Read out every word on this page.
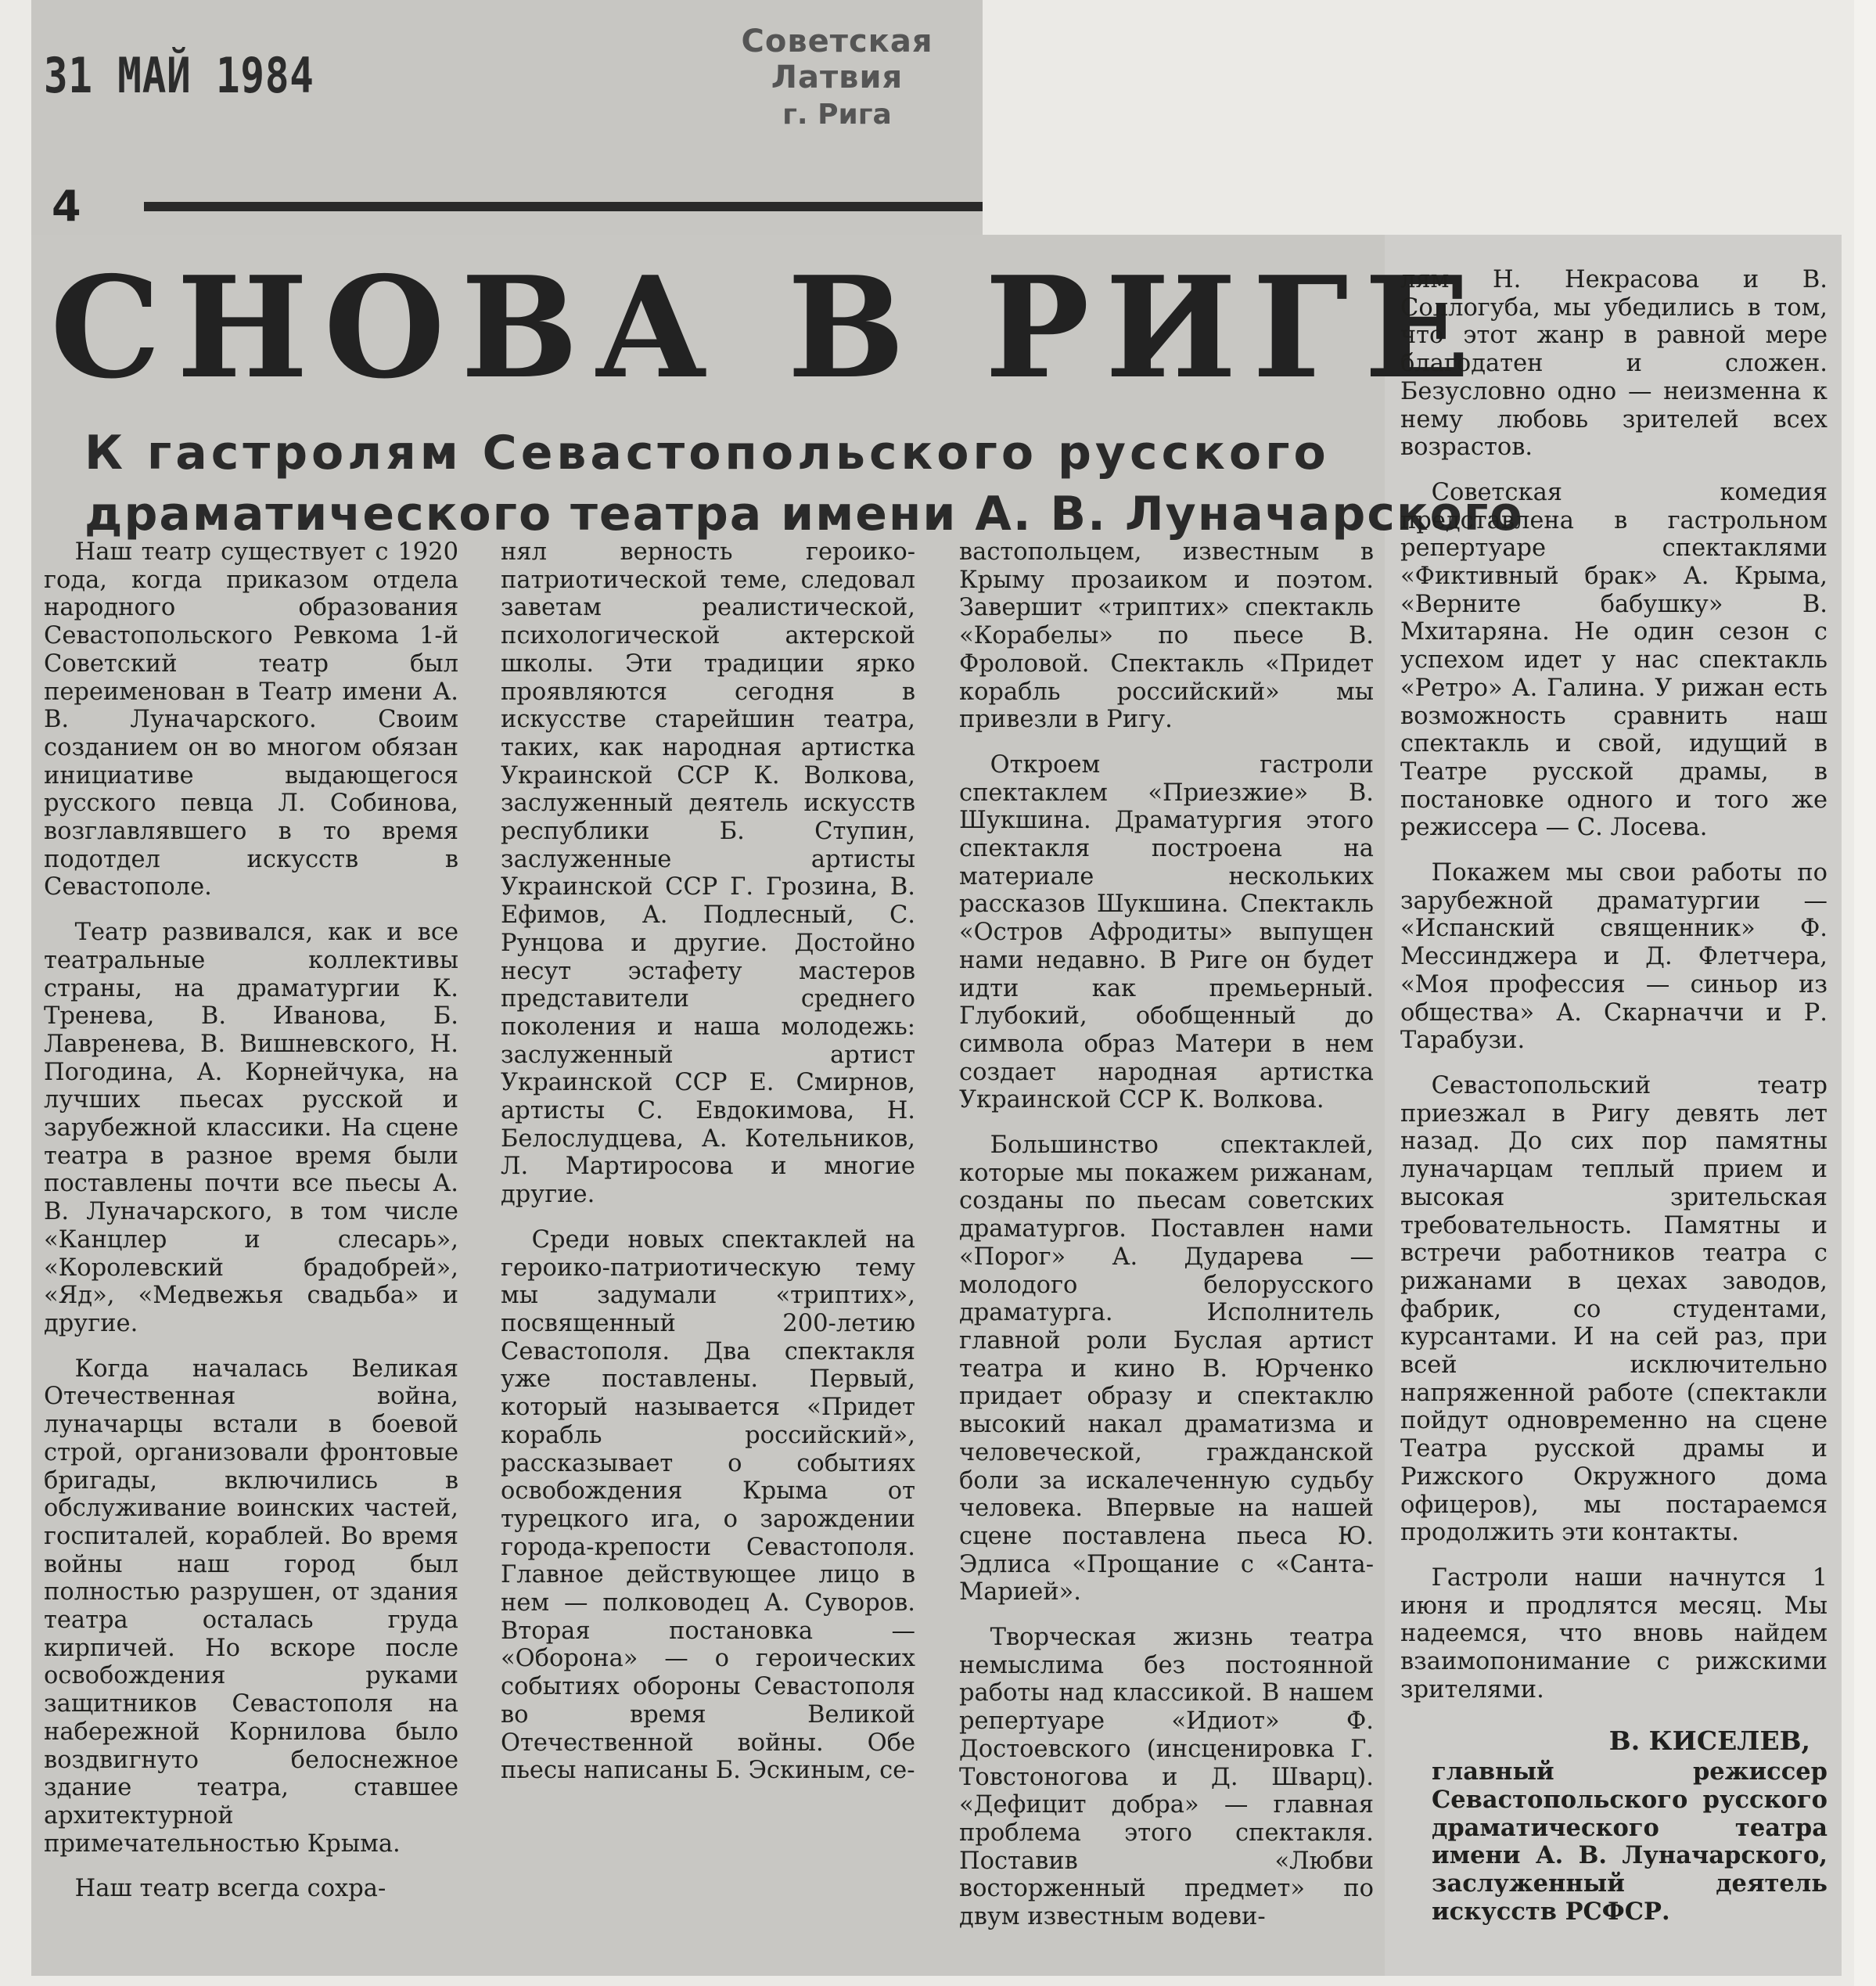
31 МАЙ 1984
Советская Латвия
г. Рига
4
СНОВА В РИГЕ
К гастролям Севастопольского русского
драматического театра имени А. В. Луначарского

Наш театр существует с 1920 года, когда приказом отдела народного образования Севастопольского Ревкома 1-й Советский театр был переименован в Театр имени А. В. Луначарского. Своим созданием он во многом обязан инициативе выдающегося русского певца Л. Собинова, возглавлявшего в то время подотдел искусств в Севастополе.

Театр развивался, как и все театральные коллективы страны, на драматургии К. Тренева, В. Иванова, Б. Лавренева, В. Вишневского, Н. Погодина, А. Корнейчука, на лучших пьесах русской и зарубежной классики. На сцене театра в разное время были поставлены почти все пьесы А. В. Луначарского, в том числе «Канцлер и слесарь», «Королевский брадобрей», «Яд», «Медвежья свадьба» и другие.

Когда началась Великая Отечественная война, луначарцы встали в боевой строй, организовали фронтовые бригады, включились в обслуживание воинских частей, госпиталей, кораблей. Во время войны наш город был полностью разрушен, от здания театра осталась груда кирпичей. Но вскоре после освобождения руками защитников Севастополя на набережной Корнилова было воздвигнуто белоснежное здание театра, ставшее архитектурной примечательностью Крыма.

Наш театр всегда сохра-

нял верность героико-патриотической теме, следовал заветам реалистической, психологической актерской школы. Эти традиции ярко проявляются сегодня в искусстве старейшин театра, таких, как народная артистка Украинской ССР К. Волкова, заслуженный деятель искусств республики Б. Ступин, заслуженные артисты Украинской ССР Г. Грозина, В. Ефимов, А. Подлесный, С. Рунцова и другие. Достойно несут эстафету мастеров представители среднего поколения и наша молодежь: заслуженный артист Украинской ССР Е. Смирнов, артисты С. Евдокимова, Н. Белослудцева, А. Котельников, Л. Мартиросова и многие другие.

Среди новых спектаклей на героико-патриотическую тему мы задумали «триптих», посвященный 200-летию Севастополя. Два спектакля уже поставлены. Первый, который называется «Придет корабль российский», рассказывает о событиях освобождения Крыма от турецкого ига, о зарождении города-крепости Севастополя. Главное действующее лицо в нем — полководец А. Суворов. Вторая постановка — «Оборона» — о героических событиях обороны Севастополя во время Великой Отечественной войны. Обе пьесы написаны Б. Эскиным, се-

вастопольцем, известным в Крыму прозаиком и поэтом. Завершит «триптих» спектакль «Корабелы» по пьесе В. Фроловой. Спектакль «Придет корабль российский» мы привезли в Ригу.

Откроем гастроли спектаклем «Приезжие» В. Шукшина. Драматургия этого спектакля построена на материале нескольких рассказов Шукшина. Спектакль «Остров Афродиты» выпущен нами недавно. В Риге он будет идти как премьерный. Глубокий, обобщенный до символа образ Матери в нем создает народная артистка Украинской ССР К. Волкова.

Большинство спектаклей, которые мы покажем рижанам, созданы по пьесам советских драматургов. Поставлен нами «Порог» А. Дударева — молодого белорусского драматурга. Исполнитель главной роли Буслая артист театра и кино В. Юрченко придает образу и спектаклю высокий накал драматизма и человеческой, гражданской боли за искалеченную судьбу человека. Впервые на нашей сцене поставлена пьеса Ю. Эдлиса «Прощание с «Санта-Марией».

Творческая жизнь театра немыслима без постоянной работы над классикой. В нашем репертуаре «Идиот» Ф. Достоевского (инсценировка Г. Товстоногова и Д. Шварц). «Дефицит добра» — главная проблема этого спектакля. Поставив «Любви восторженный предмет» по двум известным водеви-

лям Н. Некрасова и В. Соллогуба, мы убедились в том, что этот жанр в равной мере благодатен и сложен. Безусловно одно — неизменна к нему любовь зрителей всех возрастов.

Советская комедия представлена в гастрольном репертуаре спектаклями «Фиктивный брак» А. Крыма, «Верните бабушку» В. Мхитаряна. Не один сезон с успехом идет у нас спектакль «Ретро» А. Галина. У рижан есть возможность сравнить наш спектакль и свой, идущий в Театре русской драмы, в постановке одного и того же режиссера — С. Лосева.

Покажем мы свои работы по зарубежной драматургии — «Испанский священник» Ф. Мессинджера и Д. Флетчера, «Моя профессия — синьор из общества» А. Скарначчи и Р. Тарабузи.

Севастопольский театр приезжал в Ригу девять лет назад. До сих пор памятны луначарцам теплый прием и высокая зрительская требовательность. Памятны и встречи работников театра с рижанами в цехах заводов, фабрик, со студентами, курсантами. И на сей раз, при всей исключительно напряженной работе (спектакли пойдут одновременно на сцене Театра русской драмы и Рижского Окружного дома офицеров), мы постараемся продолжить эти контакты.

Гастроли наши начнутся 1 июня и продлятся месяц. Мы надеемся, что вновь найдем взаимопонимание с рижскими зрителями.

В. КИСЕЛЕВ,
главный режиссер Севастопольского русского драматического театра имени А. В. Луначарского, заслуженный деятель искусств РСФСР.
